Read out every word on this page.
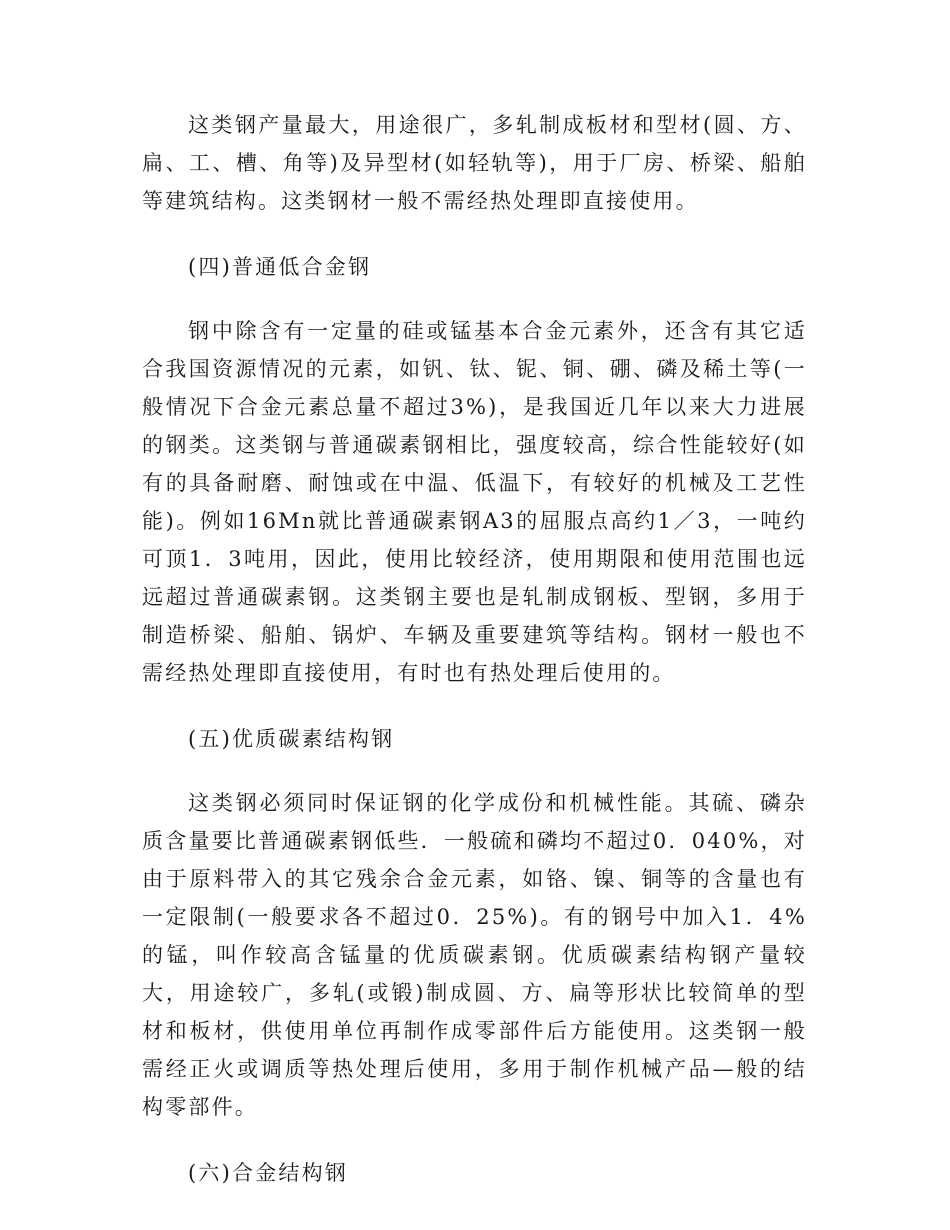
这类钢产量最大，用途很广，多轧制成板材和型材(圆、方、扁、工、槽、角等)及异型材(如轻轨等)，用于厂房、桥梁、船舶等建筑结构。这类钢材一般不需经热处理即直接使用。

(四)普通低合金钢

钢中除含有一定量的硅或锰基本合金元素外，还含有其它适合我国资源情况的元素，如钒、钛、铌、铜、硼、磷及稀土等(一般情况下合金元素总量不超过3%)，是我国近几年以来大力进展的钢类。这类钢与普通碳素钢相比，强度较高，综合性能较好(如有的具备耐磨、耐蚀或在中温、低温下，有较好的机械及工艺性能)。例如16Mn就比普通碳素钢A3的屈服点高约1／3，一吨约可顶1．3吨用，因此，使用比较经济，使用期限和使用范围也远远超过普通碳素钢。这类钢主要也是轧制成钢板、型钢，多用于制造桥梁、船舶、锅炉、车辆及重要建筑等结构。钢材一般也不需经热处理即直接使用，有时也有热处理后使用的。

(五)优质碳素结构钢

这类钢必须同时保证钢的化学成份和机械性能。其硫、磷杂质含量要比普通碳素钢低些．一般硫和磷均不超过0．040%，对由于原料带入的其它残余合金元素，如铬、镍、铜等的含量也有一定限制(一般要求各不超过0．25%)。有的钢号中加入1．4%的锰，叫作较高含锰量的优质碳素钢。优质碳素结构钢产量较大，用途较广，多轧(或锻)制成圆、方、扁等形状比较简单的型材和板材，供使用单位再制作成零部件后方能使用。这类钢一般需经正火或调质等热处理后使用，多用于制作机械产品—般的结构零部件。

(六)合金结构钢
